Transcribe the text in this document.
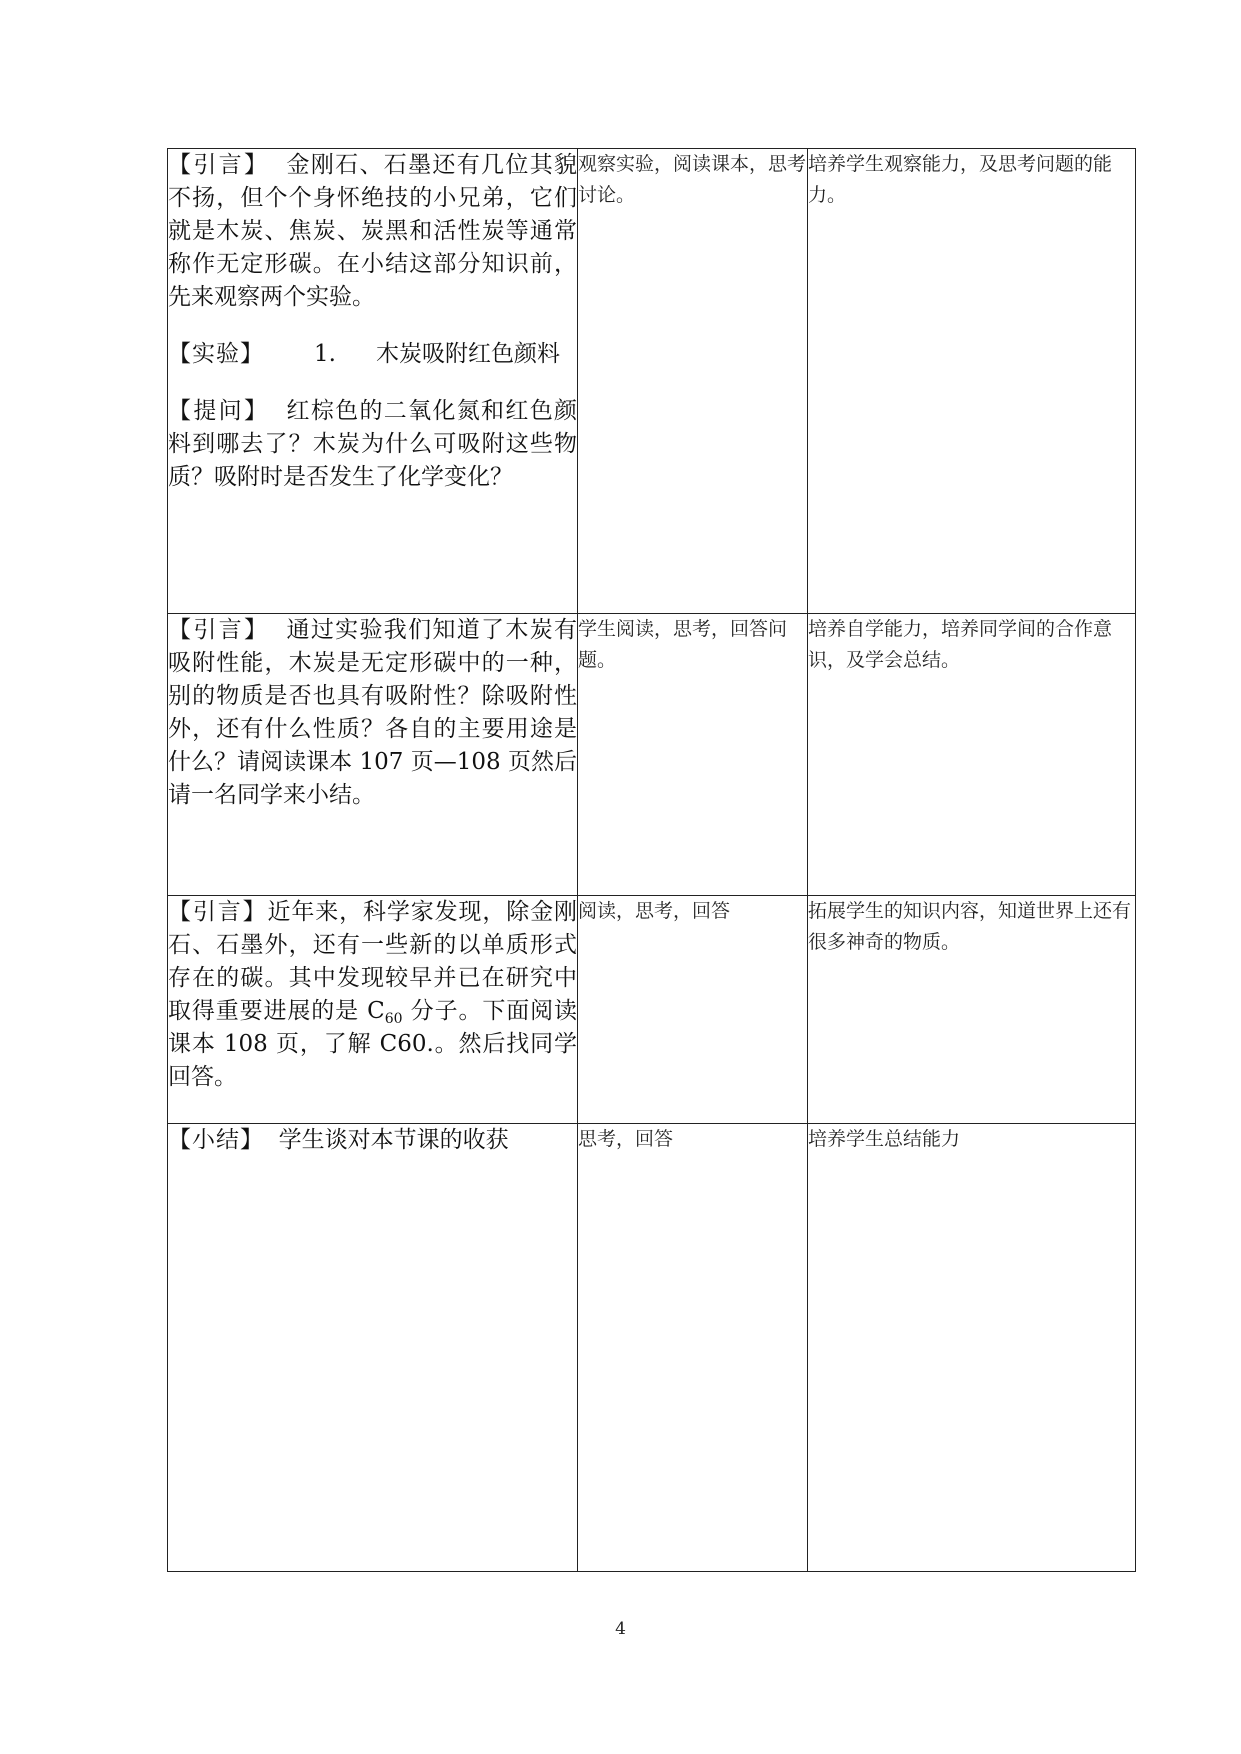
【引言】 金刚石、石墨还有几位其貌不扬，但个个身怀绝技的小兄弟，它们就是木炭、焦炭、炭黑和活性炭等通常称作无定形碳。在小结这部分知识前，先来观察两个实验。

【实验】 1. 木炭吸附红色颜料

【提问】 红棕色的二氧化氮和红色颜料到哪去了？木炭为什么可吸附这些物质？吸附时是否发生了化学变化？	观察实验，阅读课本，思考讨论。	培养学生观察能力，及思考问题的能力。

【引言】 通过实验我们知道了木炭有吸附性能，木炭是无定形碳中的一种，别的物质是否也具有吸附性？除吸附性外，还有什么性质？各自的主要用途是什么？请阅读课本 107 页—108 页然后请一名同学来小结。	学生阅读，思考，回答问题。	培养自学能力，培养同学间的合作意识，及学会总结。

【引言】近年来，科学家发现，除金刚石、石墨外，还有一些新的以单质形式存在的碳。其中发现较早并已在研究中取得重要进展的是 $C_{60}$ 分子。下面阅读课本 108 页，了解 C60.。然后找同学回答。	阅读，思考，回答	拓展学生的知识内容，知道世界上还有很多神奇的物质。

【小结】 学生谈对本节课的收获	思考，回答	培养学生总结能力
4
